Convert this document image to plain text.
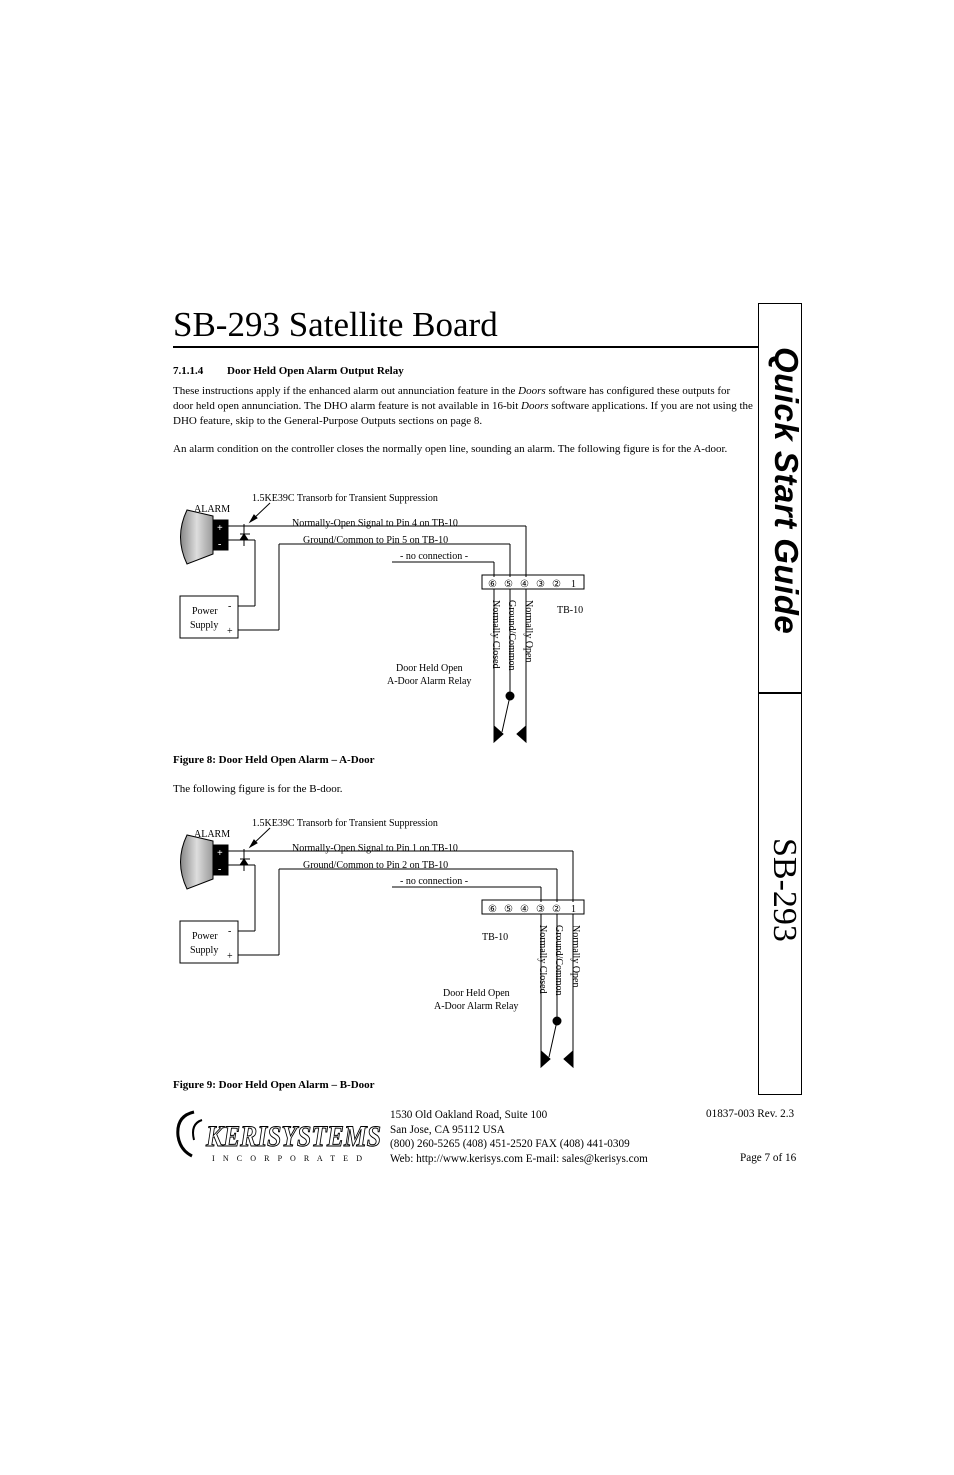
SB-293 Satellite Board
Quick Start Guide
SB-293
7.1.1.4 Door Held Open Alarm Output Relay
These instructions apply if the enhanced alarm out annunciation feature in the Doors software has configured these outputs for door held open annunciation. The DHO alarm feature is not available in 16-bit Doors software applications. If you are not using the DHO feature, skip to the General-Purpose Outputs sections on page 8.
An alarm condition on the controller closes the normally open line, sounding an alarm. The following figure is for the A-door.
ALARM
+
-
1.5KE39C Transorb for Transient Suppression
Normally-Open Signal to Pin 4 on TB-10
Ground/Common to Pin 5 on TB-10
- no connection -
Power
Supply
-
+
⑥ ⑤ ④ ③ ② 1
TB-10
Door Held Open
A-Door Alarm Relay
Normally Closed Ground/Common Normally Open
Figure 8: Door Held Open Alarm – A-Door
The following figure is for the B-door.
ALARM
+
-
1.5KE39C Transorb for Transient Suppression
Normally-Open Signal to Pin 1 on TB-10
Ground/Common to Pin 2 on TB-10
- no connection -
Power
Supply
-
+
⑥ ⑤ ④ ③ ② 1
TB-10
Door Held Open
A-Door Alarm Relay
Normally Closed Ground/Common Normally Open
Figure 9: Door Held Open Alarm – B-Door
KERISYSTEMS
I N C O R P O R A T E D
1530 Old Oakland Road, Suite 100
San Jose, CA 95112 USA
(800) 260-5265 (408) 451-2520 FAX (408) 441-0309
Web: http://www.kerisys.com E-mail: sales@kerisys.com
01837-003 Rev. 2.3
Page 7 of 16
